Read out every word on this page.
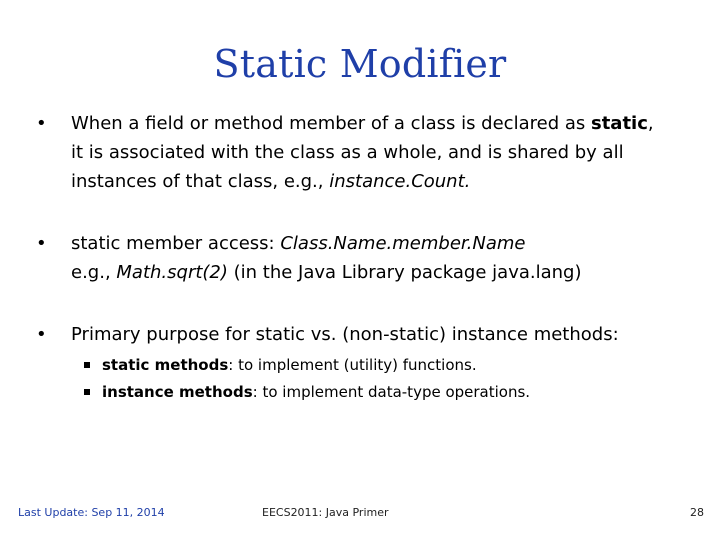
Static Modifier
• When a field or method member of a class is declared as static,
it is associated with the class as a whole, and is shared by all
instances of that class, e.g., instance.Count.
• static member access: Class.Name.member.Name
e.g., Math.sqrt(2) (in the Java Library package java.lang)
• Primary purpose for static vs. (non-static) instance methods:
static methods: to implement (utility) functions.
instance methods: to implement data-type operations.
Last Update: Sep 11, 2014	EECS2011: Java Primer	28
